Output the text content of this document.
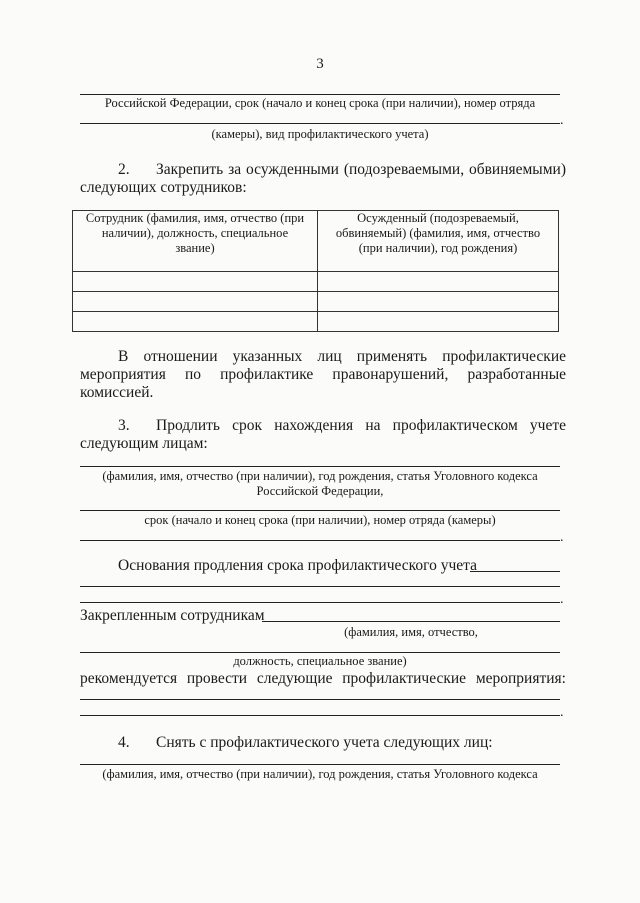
3
Российской Федерации, срок (начало и конец срока (при наличии), номер отряда
.
(камеры), вид профилактического учета)
2. Закрепить за осужденными (подозреваемыми, обвиняемыми)
следующих сотрудников:
Сотрудник (фамилия, имя, отчество (при наличии), должность, специальное звание)	Осужденный (подозреваемый, обвиняемый) (фамилия, имя, отчество (при наличии), год рождения)

В отношении указанных лиц применять профилактические
мероприятия по профилактике правонарушений, разработанные
комиссией.
3. Продлить срок нахождения на профилактическом учете
следующим лицам:
(фамилия, имя, отчество (при наличии), год рождения, статья Уголовного кодекса
Российской Федерации,
срок (начало и конец срока (при наличии), номер отряда (камеры)
.
Основания продления срока профилактического учета
.
Закрепленным сотрудникам
(фамилия, имя, отчество,
должность, специальное звание)
рекомендуется провести следующие профилактические мероприятия:
.
4. Снять с профилактического учета следующих лиц:
(фамилия, имя, отчество (при наличии), год рождения, статья Уголовного кодекса
